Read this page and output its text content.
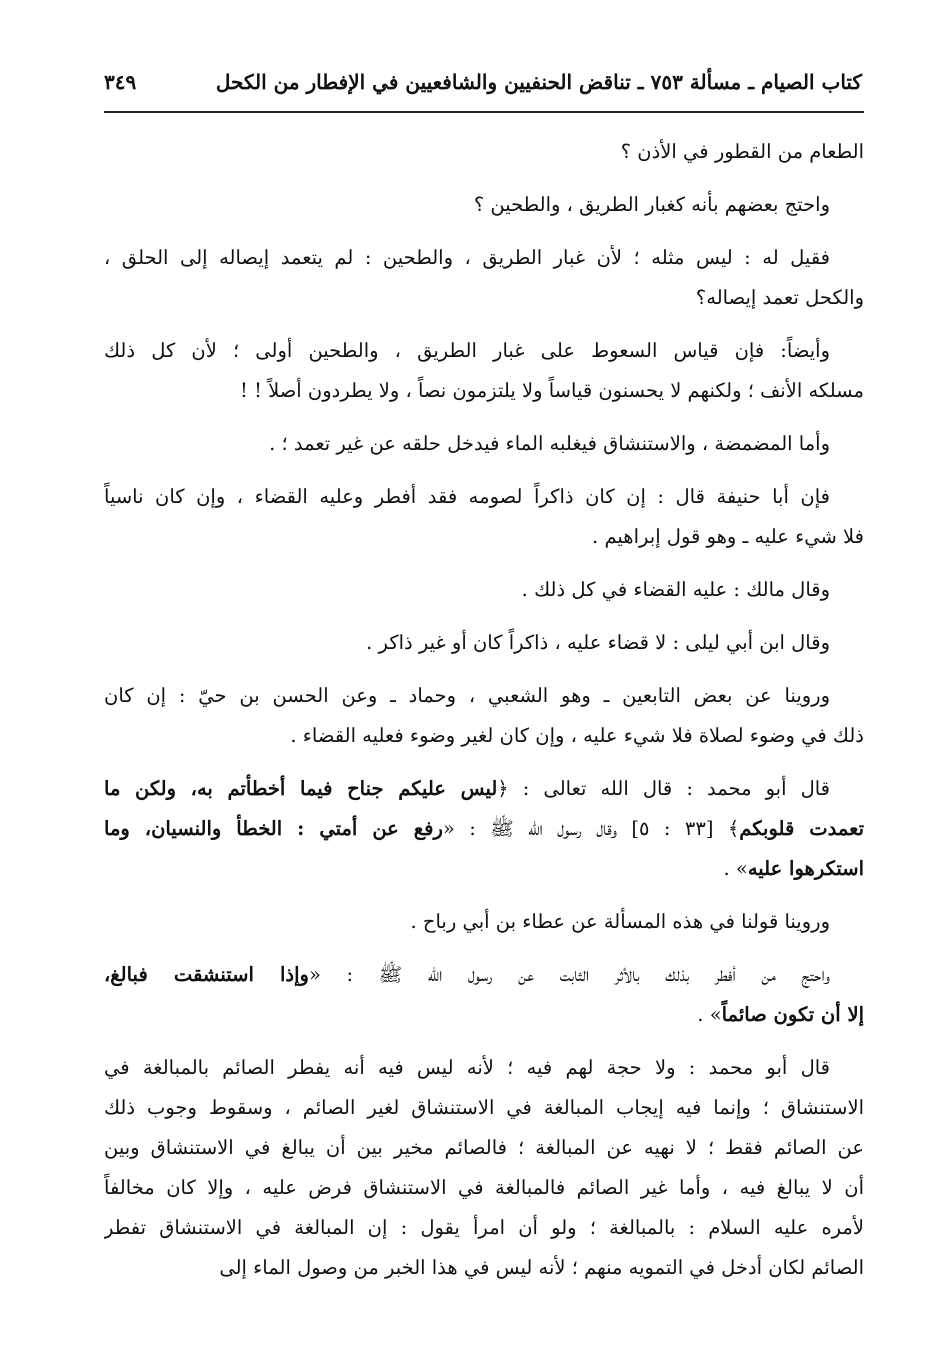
كتاب الصيام ـ مسألة ٧٥٣ ـ تناقض الحنفيين والشافعيين في الإفطار من الكحل
٣٤٩
الطعام من القطور في الأذن ؟
واحتج بعضهم بأنه كغبار الطريق ، والطحين ؟
فقيل له : ليس مثله ؛ لأن غبار الطريق ، والطحين : لم يتعمد إيصاله إلى الحلق ،
والكحل تعمد إيصاله؟
وأيضاً: فإن قياس السعوط على غبار الطريق ، والطحين أولى ؛ لأن كل ذلك
مسلكه الأنف ؛ ولكنهم لا يحسنون قياساً ولا يلتزمون نصاً ، ولا يطردون أصلاً ! !
وأما المضمضة ، والاستنشاق فيغلبه الماء فيدخل حلقه عن غير تعمد ؛ .
فإن أبا حنيفة قال : إن كان ذاكراً لصومه فقد أفطر وعليه القضاء ، وإن كان ناسياً
فلا شيء عليه ـ وهو قول إبراهيم .
وقال مالك : عليه القضاء في كل ذلك .
وقال ابن أبي ليلى : لا قضاء عليه ، ذاكراً كان أو غير ذاكر .
وروينا عن بعض التابعين ـ وهو الشعبي ، وحماد ـ وعن الحسن بن حيّ : إن كان
ذلك في وضوء لصلاة فلا شيء عليه ، وإن كان لغير وضوء فعليه القضاء .
قال أبو محمد : قال الله تعالى : ﴿ليس عليكم جناح فيما أخطأتم به، ولكن ما
تعمدت قلوبكم﴾ [٣٣ : ٥] وقال رسول الله ﷺ : «رفع عن أمتي : الخطأ والنسيان، وما
استكرهوا عليه» .
وروينا قولنا في هذه المسألة عن عطاء بن أبي رباح .
واحتج من أفطر بذلك بالأثر الثابت عن رسول الله ﷺ : «وإذا استنشقت فبالغ،
إلا أن تكون صائماً» .
قال أبو محمد : ولا حجة لهم فيه ؛ لأنه ليس فيه أنه يفطر الصائم بالمبالغة في
الاستنشاق ؛ وإنما فيه إيجاب المبالغة في الاستنشاق لغير الصائم ، وسقوط وجوب ذلك
عن الصائم فقط ؛ لا نهيه عن المبالغة ؛ فالصائم مخير بين أن يبالغ في الاستنشاق وبين
أن لا يبالغ فيه ، وأما غير الصائم فالمبالغة في الاستنشاق فرض عليه ، وإلا كان مخالفاً
لأمره عليه السلام : بالمبالغة ؛ ولو أن امرأ يقول : إن المبالغة في الاستنشاق تفطر
الصائم لكان أدخل في التمويه منهم ؛ لأنه ليس في هذا الخبر من وصول الماء إلى
